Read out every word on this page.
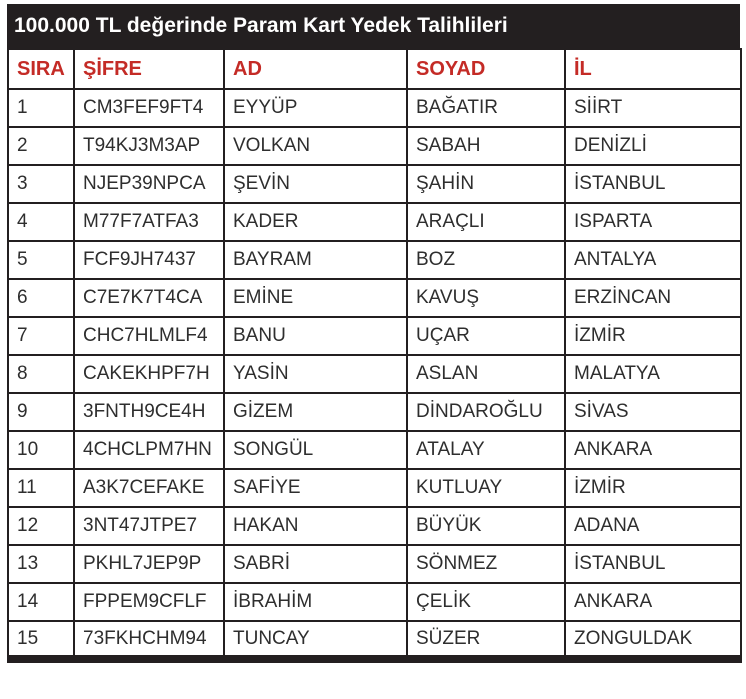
100.000 TL değerinde Param Kart Yedek Talihlileri
SIRA	ŞİFRE	AD	SOYAD	İL
1	CM3FEF9FT4	EYYÜP	BAĞATIR	SİİRT
2	T94KJ3M3AP	VOLKAN	SABAH	DENİZLİ
3	NJEP39NPCA	ŞEVİN	ŞAHİN	İSTANBUL
4	M77F7ATFA3	KADER	ARAÇLI	ISPARTA
5	FCF9JH7437	BAYRAM	BOZ	ANTALYA
6	C7E7K7T4CA	EMİNE	KAVUŞ	ERZİNCAN
7	CHC7HLMLF4	BANU	UÇAR	İZMİR
8	CAKEKHPF7H	YASİN	ASLAN	MALATYA
9	3FNTH9CE4H	GİZEM	DİNDAROĞLU	SİVAS
10	4CHCLPM7HN	SONGÜL	ATALAY	ANKARA
11	A3K7CEFAKE	SAFİYE	KUTLUAY	İZMİR
12	3NT47JTPE7	HAKAN	BÜYÜK	ADANA
13	PKHL7JEP9P	SABRİ	SÖNMEZ	İSTANBUL
14	FPPEM9CFLF	İBRAHİM	ÇELİK	ANKARA
15	73FKHCHM94	TUNCAY	SÜZER	ZONGULDAK
